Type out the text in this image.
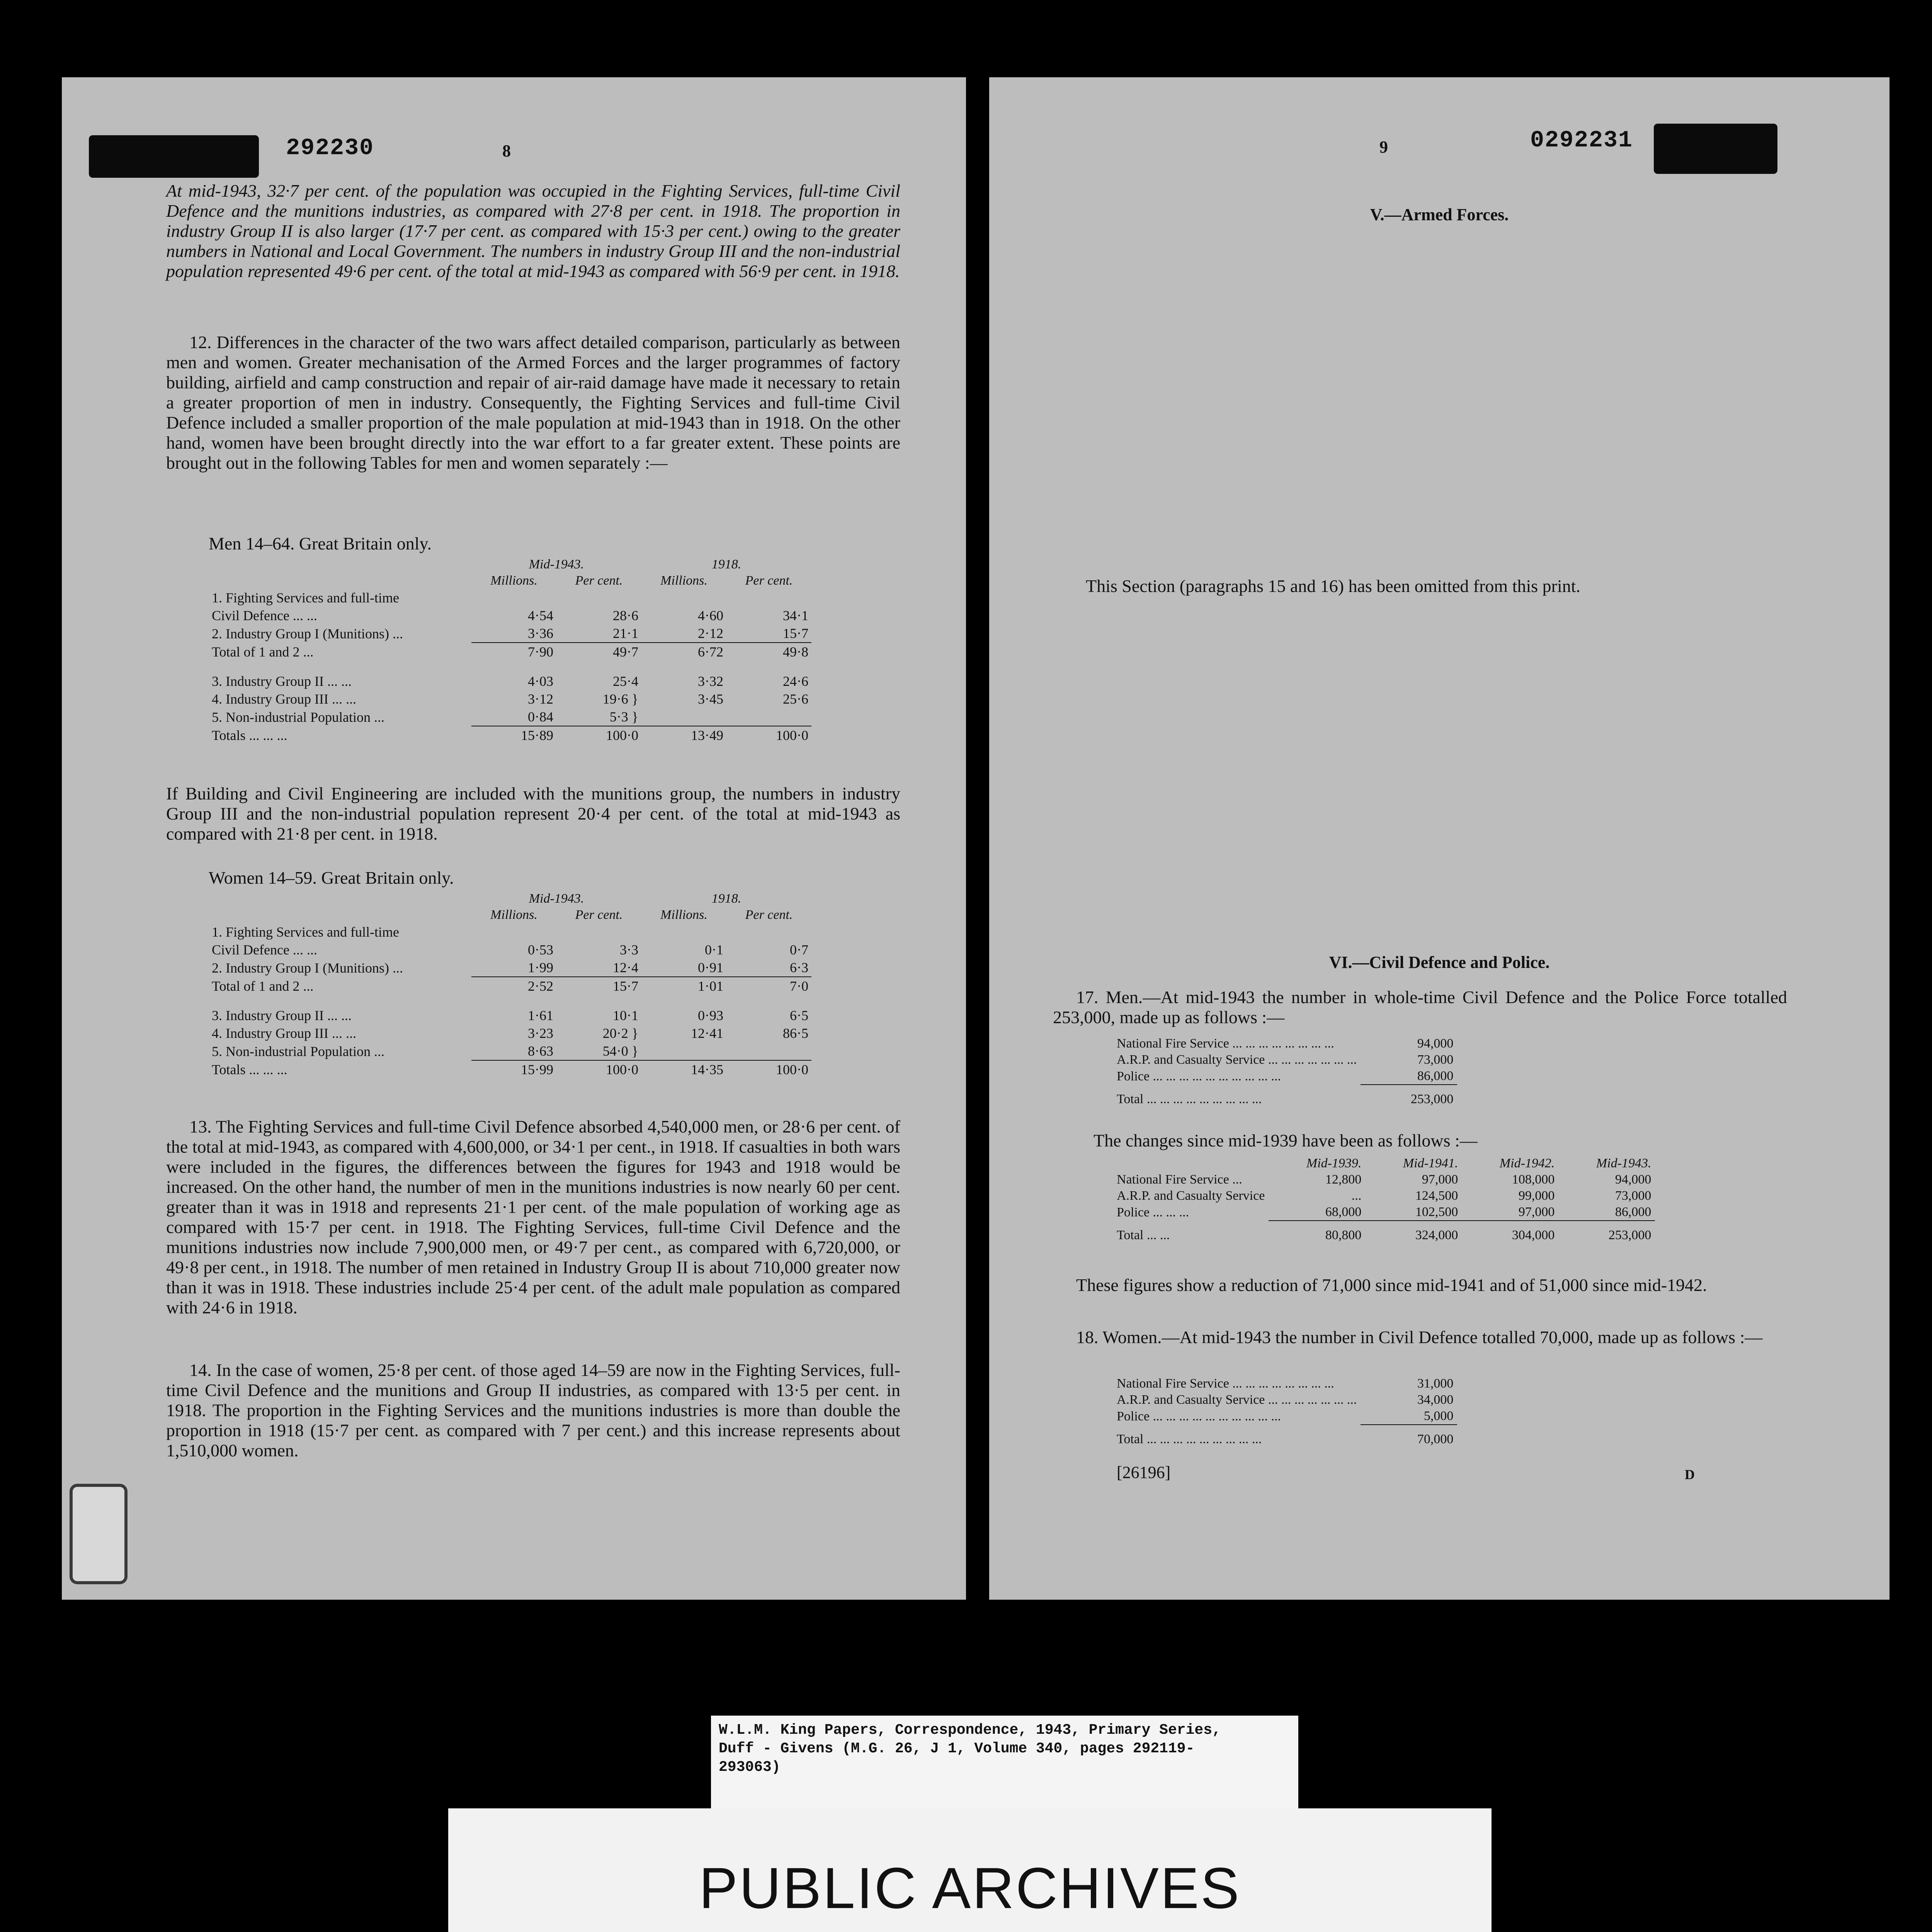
292230	8
At mid-1943, 32·7 per cent. of the population was occupied in the Fighting Services, full-time Civil Defence and the munitions industries, as compared with 27·8 per cent. in 1918. The proportion in industry Group II is also larger (17·7 per cent. as compared with 15·3 per cent.) owing to the greater numbers in National and Local Government. The numbers in industry Group III and the non-industrial population represented 49·6 per cent. of the total at mid-1943 as compared with 56·9 per cent. in 1918.

12. Differences in the character of the two wars affect detailed comparison, particularly as between men and women. Greater mechanisation of the Armed Forces and the larger programmes of factory building, airfield and camp construction and repair of air-raid damage have made it necessary to retain a greater proportion of men in industry. Consequently, the Fighting Services and full-time Civil Defence included a smaller proportion of the male population at mid-1943 than in 1918. On the other hand, women have been brought directly into the war effort to a far greater extent. These points are brought out in the following Tables for men and women separately :—

Men 14–64. Great Britain only.
	Mid-1943.		1918.	
	Millions.	Per cent.	Millions.	Per cent.
1. Fighting Services and full-time				
Civil Defence ... ...	4·54	28·6	4·60	34·1
2. Industry Group I (Munitions) ...	3·36	21·1	2·12	15·7
Total of 1 and 2 ...	7·90	49·7	6·72	49·8

3. Industry Group II ... ...	4·03	25·4	3·32	24·6
4. Industry Group III ... ...	3·12	19·6 }	3·45	25·6
5. Non-industrial Population ...	0·84	5·3 }		
Totals ... ... ...	15·89	100·0	13·49	100·0
If Building and Civil Engineering are included with the munitions group, the numbers in industry Group III and the non-industrial population represent 20·4 per cent. of the total at mid-1943 as compared with 21·8 per cent. in 1918.
Women 14–59. Great Britain only.
	Mid-1943.		1918.	
	Millions.	Per cent.	Millions.	Per cent.
1. Fighting Services and full-time				
Civil Defence ... ...	0·53	3·3	0·1	0·7
2. Industry Group I (Munitions) ...	1·99	12·4	0·91	6·3
Total of 1 and 2 ...	2·52	15·7	1·01	7·0

3. Industry Group II ... ...	1·61	10·1	0·93	6·5
4. Industry Group III ... ...	3·23	20·2 }	12·41	86·5
5. Non-industrial Population ...	8·63	54·0 }		
Totals ... ... ...	15·99	100·0	14·35	100·0

13. The Fighting Services and full-time Civil Defence absorbed 4,540,000 men, or 28·6 per cent. of the total at mid-1943, as compared with 4,600,000, or 34·1 per cent., in 1918. If casualties in both wars were included in the figures, the differences between the figures for 1943 and 1918 would be increased. On the other hand, the number of men in the munitions industries is now nearly 60 per cent. greater than it was in 1918 and represents 21·1 per cent. of the male population of working age as compared with 15·7 per cent. in 1918. The Fighting Services, full-time Civil Defence and the munitions industries now include 7,900,000 men, or 49·7 per cent., as compared with 6,720,000, or 49·8 per cent., in 1918. The number of men retained in Industry Group II is about 710,000 greater now than it was in 1918. These industries include 25·4 per cent. of the adult male population as compared with 24·6 in 1918.

14. In the case of women, 25·8 per cent. of those aged 14–59 are now in the Fighting Services, full-time Civil Defence and the munitions and Group II industries, as compared with 13·5 per cent. in 1918. The proportion in the Fighting Services and the munitions industries is more than double the proportion in 1918 (15·7 per cent. as compared with 7 per cent.) and this increase represents about 1,510,000 women.

9	0292231
V.—Armed Forces.
This Section (paragraphs 15 and 16) has been omitted from this print.
VI.—Civil Defence and Police.

17. Men.—At mid-1943 the number in whole-time Civil Defence and the Police Force totalled 253,000, made up as follows :—

National Fire Service ... ... ... ... ... ... ... ...	94,000
A.R.P. and Casualty Service ... ... ... ... ... ... ...	73,000
Police ... ... ... ... ... ... ... ... ... ...	86,000
Total ... ... ... ... ... ... ... ... ...	253,000
The changes since mid-1939 have been as follows :—
	Mid-1939.	Mid-1941.	Mid-1942.	Mid-1943.
National Fire Service ...	12,800	97,000	108,000	94,000
A.R.P. and Casualty Service	...	124,500	99,000	73,000
Police ... ... ...	68,000	102,500	97,000	86,000
Total ... ...	80,800	324,000	304,000	253,000

These figures show a reduction of 71,000 since mid-1941 and of 51,000 since mid-1942.

18. Women.—At mid-1943 the number in Civil Defence totalled 70,000, made up as follows :—

National Fire Service ... ... ... ... ... ... ... ...	31,000
A.R.P. and Casualty Service ... ... ... ... ... ... ...	34,000
Police ... ... ... ... ... ... ... ... ... ...	5,000
Total ... ... ... ... ... ... ... ... ...	70,000
[26196]	D
W.L.M. King Papers, Correspondence, 1943, Primary Series,
Duff - Givens (M.G. 26, J 1, Volume 340, pages 292119-
293063)
PUBLIC ARCHIVES
